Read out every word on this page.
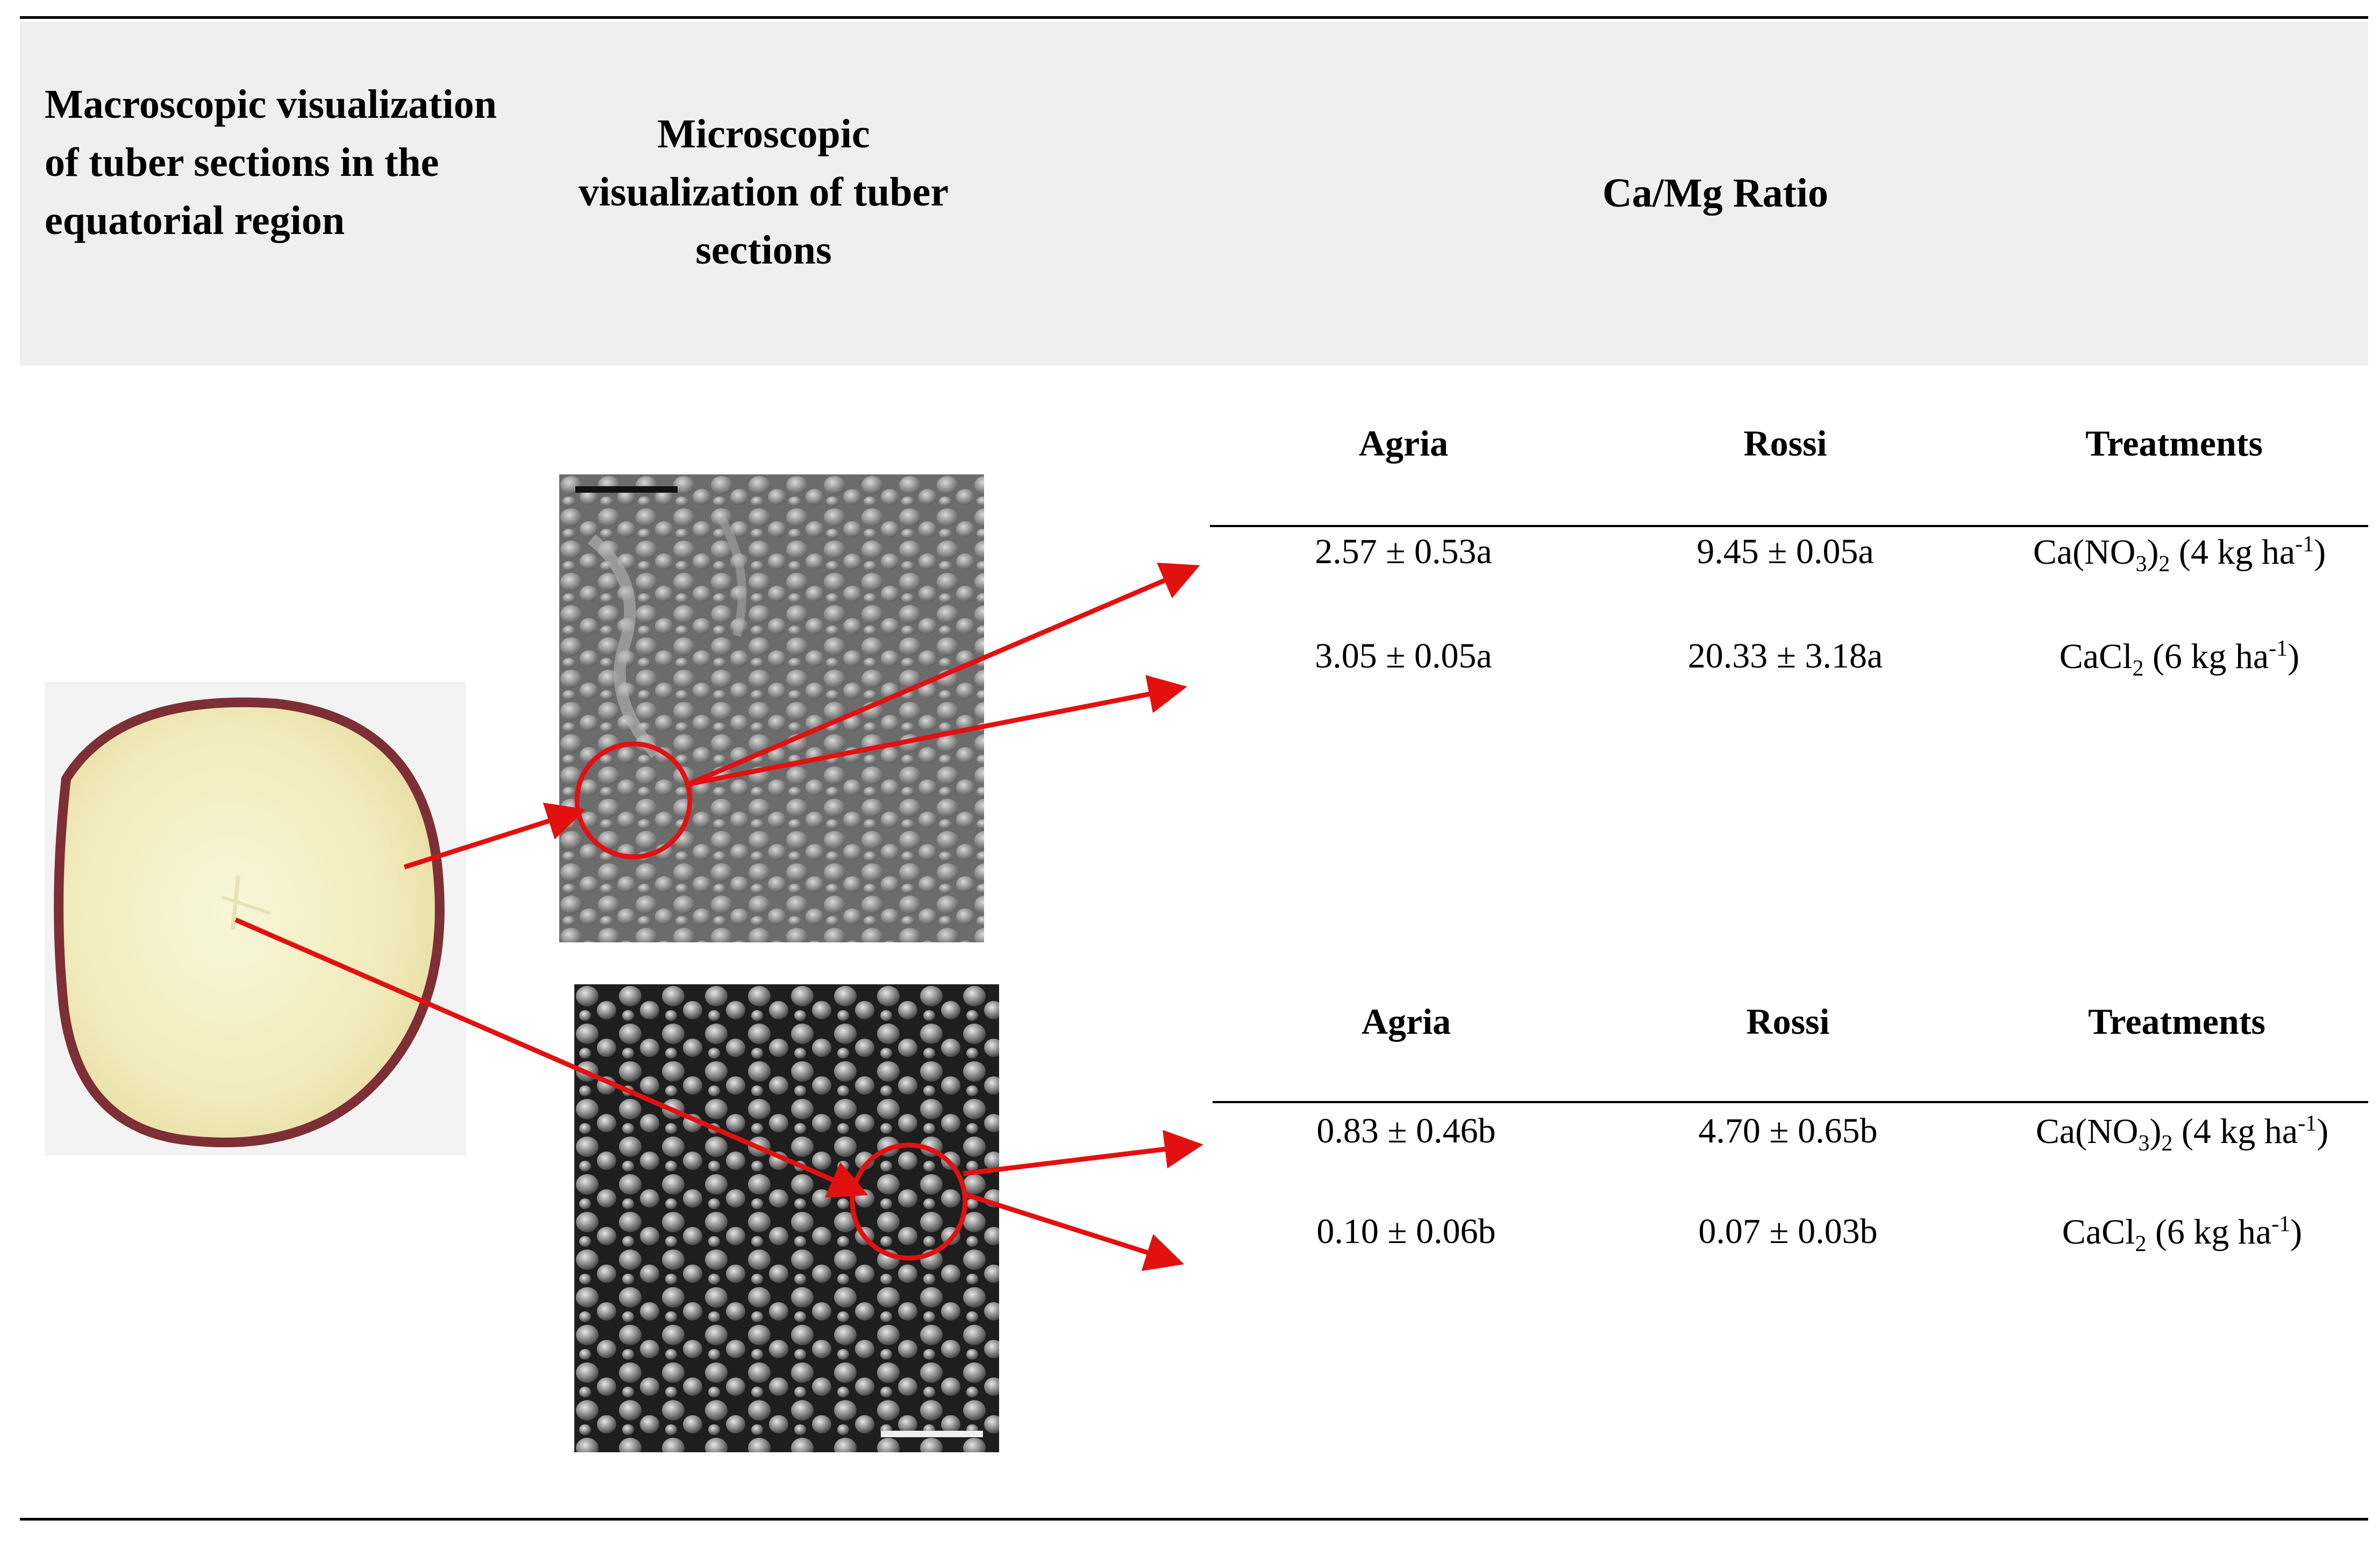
Macroscopic visualization of tuber sections in the equatorial region
Microscopic visualization of tuber sections
Ca/Mg Ratio
Agria	Rossi	Treatments
2.57 ± 0.53a	9.45 ± 0.05a	$Ca(NO_3)_2$ (4 kg $ha^{-1}$)
3.05 ± 0.05a	20.33 ± 3.18a	CaCl$_2$ (6 kg $ha^{-1}$)
Agria	Rossi	Treatments
0.83 ± 0.46b	4.70 ± 0.65b	$Ca(NO_3)_2$ (4 kg $ha^{-1}$)
0.10 ± 0.06b	0.07 ± 0.03b	CaCl$_2$ (6 kg $ha^{-1}$)
